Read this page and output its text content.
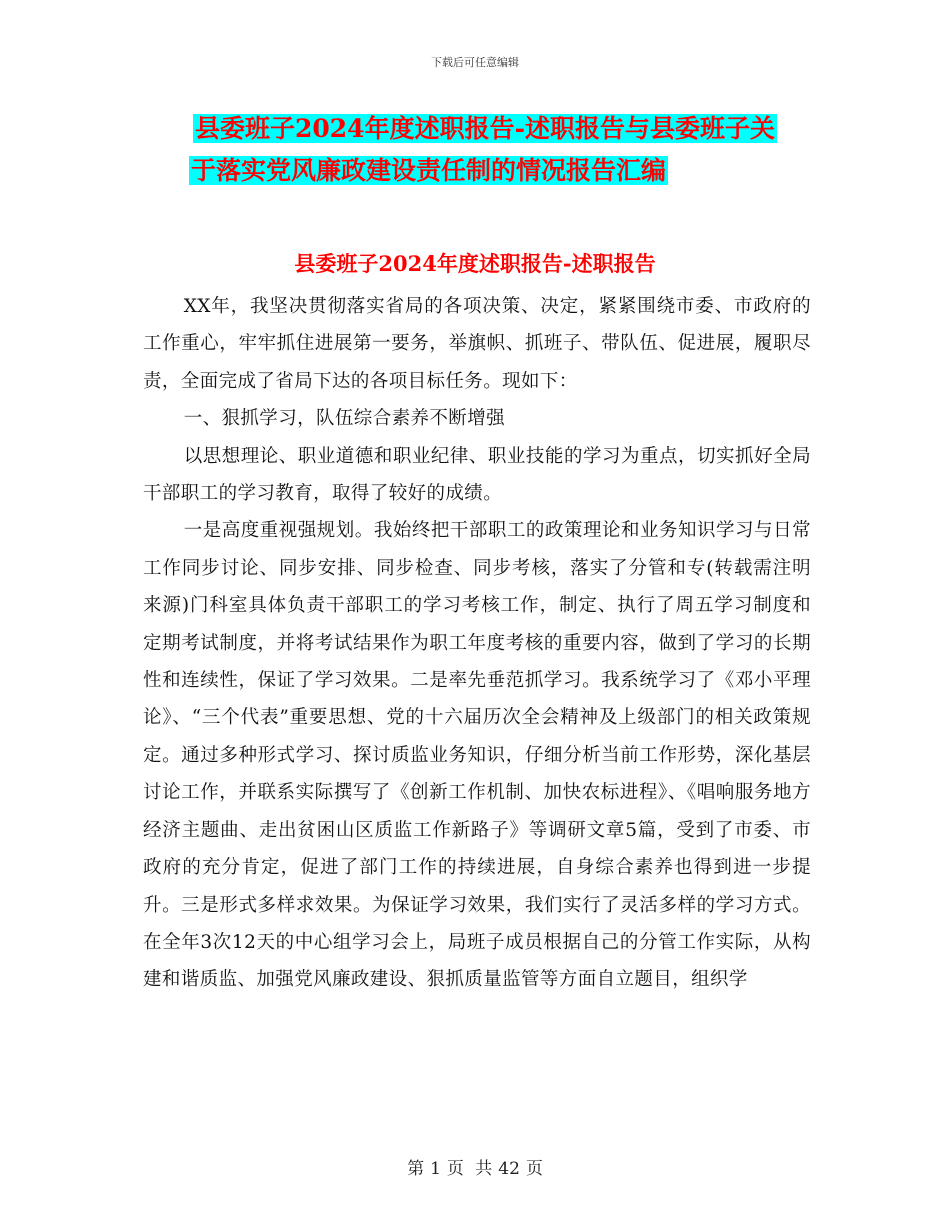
下载后可任意编辑
县委班子2024年度述职报告-述职报告与县委班子关
于落实党风廉政建设责任制的情况报告汇编
县委班子2024年度述职报告-述职报告

XX年，我坚决贯彻落实省局的各项决策、决定，紧紧围绕市委、市政府的工作重心，牢牢抓住进展第一要务，举旗帜、抓班子、带队伍、促进展，履职尽责，全面完成了省局下达的各项目标任务。现如下：

一、狠抓学习，队伍综合素养不断增强

以思想理论、职业道德和职业纪律、职业技能的学习为重点，切实抓好全局干部职工的学习教育，取得了较好的成绩。

一是高度重视强规划。我始终把干部职工的政策理论和业务知识学习与日常工作同步讨论、同步安排、同步检查、同步考核，落实了分管和专(转载需注明来源)门科室具体负责干部职工的学习考核工作，制定、执行了周五学习制度和定期考试制度，并将考试结果作为职工年度考核的重要内容，做到了学习的长期性和连续性，保证了学习效果。二是率先垂范抓学习。我系统学习了《邓小平理论》、“三个代表”重要思想、党的十六届历次全会精神及上级部门的相关政策规定。通过多种形式学习、探讨质监业务知识，仔细分析当前工作形势，深化基层讨论工作，并联系实际撰写了《创新工作机制、加快农标进程》、《唱响服务地方经济主题曲、走出贫困山区质监工作新路子》等调研文章5篇，受到了市委、市政府的充分肯定，促进了部门工作的持续进展，自身综合素养也得到进一步提升。三是形式多样求效果。为保证学习效果，我们实行了灵活多样的学习方式。在全年3次12天的中心组学习会上，局班子成员根据自己的分管工作实际，从构建和谐质监、加强党风廉政建设、狠抓质量监管等方面自立题目，组织学

第 1 页 共 42 页
